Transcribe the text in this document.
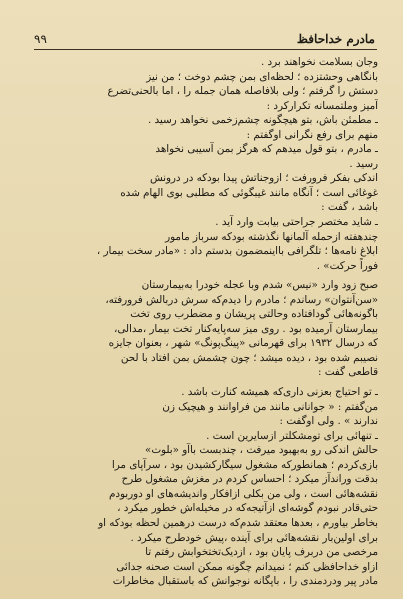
۹۹	مادرم خداحافظ
وجان بسلامت نخواهند برد .
بانگاهی وحشتزده ؛ لحظه‌ای بمن چشم دوخت ؛ من نیز
دستش را گرفتم ؛ ولی بلافاصله همان جمله را ، اما بالحنی‌تضرع
آمیز وملتمسانه تکرارکرد :
ـ مطمئن باش، بتو هیچگونه چشم‌زخمی نخواهد رسید .
منهم برای رفع نگرانی اوگفتم :
ـ مادرم ، بتو قول میدهم که هرگز بمن آسیبی نخواهد
رسید .
اندکی بفکر فرورفت ؛ ازوجناتش پیدا بودکه در درونش
غوغائی است ؛ آنگاه مانند غیبگوئی که مطلبی بوی الهام شده
باشد ، گفت :
ـ شاید مختصر جراحتی بیابت وارد آید .
چندهفته ازحمله آلمانها نگذشته بودکه سرباز مامور
ابلاغ نامه‌ها ؛ تلگرافی بااینمضمون بدستم داد : «مادر سخت بیمار ،
فوراً حرکت» .
صبح زود وارد «نیس» شدم وبا عجله خودرا به‌بیمارستان
«سن‌آنتوان» رساندم ؛ مادرم را دیدم‌که سرش دربالش فرورفته،
باگونه‌هائی گودافتاده وحالتی پریشان و مضطرب روی تخت
بیمارستان آرمیده بود . روی میز سه‌پایه‌کنار تخت بیمار ،مدالی،
که درسال ۱۹۳۲ برای قهرمانی «پینگ‌پونگ» شهر ، بعنوان جایزه
نصیبم شده بود ، دیده میشد ؛ چون چشمش بمن افتاد با لحن
قاطعی گفت :
ـ تو احتیاج بعزنی داری‌که همیشه کنارت باشد .
من‌گفتم : « جوانانی مانند من فراوانند و هیچیک زن
ندارند » . ولی اوگفت :
ـ تنهائی برای تومشکلتر ازسایرین است .
حالش اندکی رو به‌بهبود میرفت ، چندبست باآو «بلوت»
بازی‌کردم ؛ همانطورکه مشغول سیگارکشیدن بود ، سرآپای مرا
بدقت وراندآز میکرد ؛ احساس کردم در مغزش مشغول طرح
نقشه‌هائی است ، ولی من بکلی ازافکار واندیشه‌های او دوربودم
حتی‌قادر نبودم گوشه‌ای ازآتیجه‌که در مخیله‌اش خطور میکرد ،
بخاطر بیاورم ، بعدها معتقد شدم‌که درست درهمین لحظه بودکه او
برای اولین‌بار نقشه‌هائی برای آینده ،پیش خودطرح میکرد .
مرخصی من دربرف پایان بود ، ازدیک‌تختخوابش رفتم تا
ازاو خداحافظی کنم ؛ نمیدانم چگونه ممکن است صحنه جدائی
مادر پیر ودردمندی را ، باپگانه نوجوانش که باستقبال مخاطرات
